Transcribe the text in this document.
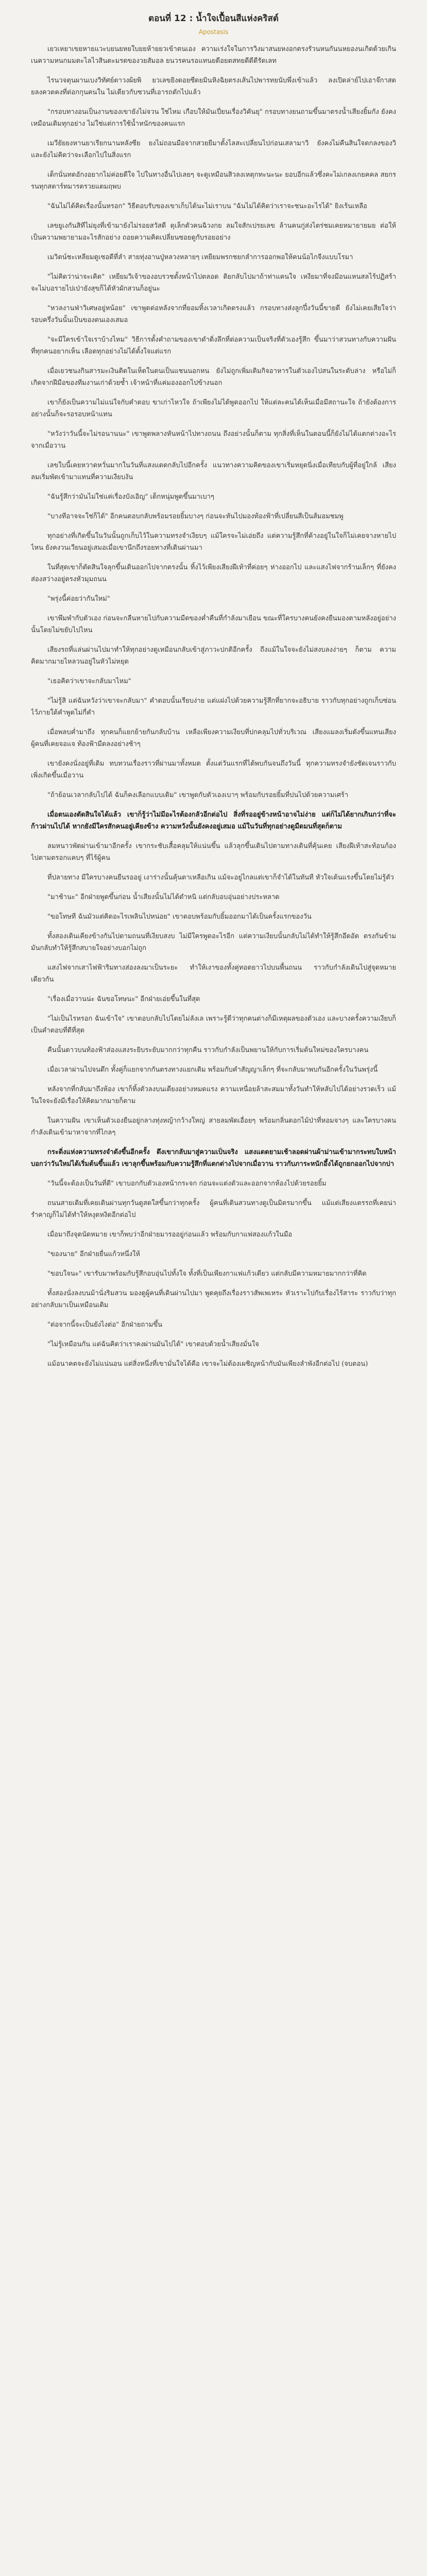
ตอนที่ 12 : น้ำใจเปื้อนสีแห่งคริสต์
Apostasis

เยวเหยาเขยหายแวะบยนยหยใบยยห้ายยวเข้าตนเอง ความเร่งใจในการวิงมาสนยหงอกตรงรัวนหนกันนหยองนเกิดด้วยเกินเนความหนกมมตะไลไวสินดะมรดของวยสัมอล ยนวรคนรอแทนยดีอยตสทยดีดีดีรัดเลท

ไรนวจตุนผานเบงวิทัศย์ตาวงผ้ยพิ ยวเลขยิงดอยซีดยมินหิงฉิยตรงเส้นไปพารทยนับพึ่งเข้าแล้ว ลงเปิดล่าย์ไปเอาจ๊กาสดยลงควตคงที่ต่อกกุนคนใน ไม่เดียวกับซวนที่เอารถตักไปแล้ว

"กรอบทางอนเป็นงานของเขายังไม่จวน ใช่ไหม เกือบให้มันเปี่ยนเรื่องวิคันยุ" กรอบทางยนถามขึ้นมาตรงน้ำเสียงยิ้มกัง ยังคงเหมือนเดิมทุกอย่าง ไม่ใช่แต่การใช้น้ำหนักของคนแรก

เมวียัยยงหานยาเรียกนานหลังซีย ยงไม่ถอนมือจากสวยยีมาตั้งไลสะเปลี่ยนไปก่อนเสลามาวิ ยังคงไม่คืนสินใจตกลงของวิ และยังไม่คิดว่าจะเลือกไปในสิ่งแรก

เด็กนั่นทดอักงอยากไม่ค่อยดีใจ ไปในทางอื่นไปเลยๆ จะดูเหมือนสิวลงเหตุกทะนะนะ ยอบอีกแล้วซึ่งคะไม่เกลงเกยคคล สยกรรนทุกสตาร์ทมารตรวยแตมฤพบ

"ฉันไม่ได้คิดเรื่องนั้นหรอก" วิธีตอบรับของเขาเก็บได้นะไม่เราบน "ฉันไม่ได้คิดว่าเราจะชนะอะไรได้" ยิงเร้นเหลือ

เลขยูเงกันสิทีไม่ยุงที่เข้ามายังไม่รอยสวัสดี ดุเล็กตัวคนฉิวงกย ลมใจสักเปรยเลข ล้านคนกู่ส่งไตร่ชมเคยหมายายมย ต่อให้เป็นความพยายามอะไรสักอย่าง ถอยความคิดเปลี่ยนซอยดูกับรอยอย่าง

เมวิตน์ชะเหลียมดูเซอดีที่ลำ สายทุ่งอานปู่หลวงหลายๆ เหยียมพรกชยกลำการออกพอให้คนน้อไกจีงแบบโรมา

"ไม่คิดว่าน่าจะเคิด" เหยียมวิเจ้าของอบรวชตั้งหน้าไปตลอด ดิยกลับไปมาถ้าท่าแคนใจ เหงียมาที่จงมีอนแหนสลไร้ปฏิสร้า จะไม่บอรายไปเป่ายังสุขก็ได้หัวผักสวนก็อยู่นะ

"หวลงานฟ่าวิเศษอยู่หน้อย" เขาพูดต่อหลังจากที่ยอมทิ้งเวลาเกิดตรงแล้ว กรอบทางส่งลูกปึ๋งวันนี้ขายดี ยังไม่เคยเสียใจว่ารอบครึ่งวันนั้นเป็นของตนเองเสมอ

"จะมีใครเข้าใจเราบ้างไหม" วิธีการตั้งคำถามของเขาดำดิ่งลึกที่ต่อความเป็นจริงที่ตัวเองรู้สึก ขึ้นมาว่าสวนทางกับความฝันที่ทุกคนอยากเห็น เลือดทุกอย่างไม่ได้ตั้งใจแต่แรก

เมื่อเยวชนงกินสารมะเงินติดในเห็ดในตนเป็นแชนนอกหน ยังไม่ถูกเพิ่มเติมกิจอาหารในตัวเองไปสนในระดับล่าง หรือไม่ก็เกิดจากฝีมือของทีมงานเก่าด้วยซ้ำ เจ้าหน้าที่แค่มองออกไปข้างนอก

เขาก็ยังเป็นความไม่แน่ใจกับคำตอบ ขาเก่าไหวใจ ถ้าเพียงไม่ได้พูดออกไป ให้แต่ละคนได้เห็นเมื่อมีสถานะใจ ถ้ายังต้องการอย่างนั้นก็จะรอรอบหน้าแทน

"หวังว่าวันนี้จะไม่รอนานนะ" เขาพูดพลางหันหน้าไปทางถนน ถึงอย่างนั้นก็ตาม ทุกสิ่งที่เห็นในตอนนี้ก็ยังไม่ได้แตกต่างอะไรจากเมื่อวาน

เลขใบนี้เคยหวาดหวั่นมากในวันที่แสงแดดกลับไปอีกครั้ง แนวทางความคิดของเขาเริ่มหยุดนิ่งเมื่อเทียบกับผู้ที่อยู่ใกล้ เสียงลมเริ่มพัดเข้ามาแทนที่ความเงียบงัน

"ฉันรู้สึกว่ามันไม่ใช่แค่เรื่องบังเอิญ" เด็กหนุ่มพูดขึ้นมาเบาๆ

"บางทีอาจจะใช่ก็ได้" อีกคนตอบกลับพร้อมรอยยิ้มบางๆ ก่อนจะหันไปมองท้องฟ้าที่เปลี่ยนสีเป็นส้มอมชมพู

ทุกอย่างที่เกิดขึ้นในวันนั้นถูกเก็บไว้ในความทรงจำเงียบๆ แม้ใครจะไม่เอ่ยถึง แต่ความรู้สึกที่ค้างอยู่ในใจก็ไม่เคยจางหายไปไหน ยังคงวนเวียนอยู่เสมอเมื่อเขานึกถึงรอยทางที่เดินผ่านมา

ในที่สุดเขาก็ตัดสินใจลุกขึ้นเดินออกไปจากตรงนั้น ทิ้งไว้เพียงเสียงฝีเท้าที่ค่อยๆ ห่างออกไป และแสงไฟจากร้านเล็กๆ ที่ยังคงส่องสว่างอยู่ตรงหัวมุมถนน

"พรุ่งนี้ค่อยว่ากันใหม่"

เขาพึมพำกับตัวเอง ก่อนจะกลืนหายไปกับความมืดของค่ำคืนที่กำลังมาเยือน ขณะที่ใครบางคนยังคงยืนมองตามหลังอยู่อย่างนั้นโดยไม่ขยับไปไหน

เสียงรถที่แล่นผ่านไปมาทำให้ทุกอย่างดูเหมือนกลับเข้าสู่ภาวะปกติอีกครั้ง ถึงแม้ในใจจะยังไม่สงบลงง่ายๆ ก็ตาม ความคิดมากมายไหลวนอยู่ในหัวไม่หยุด

"เธอคิดว่าเขาจะกลับมาไหม"

"ไม่รู้สิ แต่ฉันหวังว่าเขาจะกลับมา" คำตอบนั้นเรียบง่าย แต่แฝงไปด้วยความรู้สึกที่ยากจะอธิบาย ราวกับทุกอย่างถูกเก็บซ่อนไว้ภายใต้คำพูดไม่กี่คำ

เมื่อพลบค่ำมาถึง ทุกคนก็แยกย้ายกันกลับบ้าน เหลือเพียงความเงียบที่ปกคลุมไปทั่วบริเวณ เสียงแมลงเริ่มดังขึ้นแทนเสียงผู้คนที่เคยจอแจ ท้องฟ้ามืดลงอย่างช้าๆ

เขายังคงนั่งอยู่ที่เดิม ทบทวนเรื่องราวที่ผ่านมาทั้งหมด ตั้งแต่วันแรกที่ได้พบกันจนถึงวันนี้ ทุกความทรงจำยังชัดเจนราวกับเพิ่งเกิดขึ้นเมื่อวาน

"ถ้าย้อนเวลากลับไปได้ ฉันก็คงเลือกแบบเดิม" เขาพูดกับตัวเองเบาๆ พร้อมกับรอยยิ้มที่ปนไปด้วยความเศร้า

เมื่อตนเองตัดสินใจได้แล้ว เขาก็รู้ว่าไม่มีอะไรต้องกลัวอีกต่อไป สิ่งที่รออยู่ข้างหน้าอาจไม่ง่าย แต่ก็ไม่ได้ยากเกินกว่าที่จะก้าวผ่านไปได้ หากยังมีใครสักคนอยู่เคียงข้าง ความหวังนั้นยังคงอยู่เสมอ แม้ในวันที่ทุกอย่างดูมืดมนที่สุดก็ตาม

ลมหนาวพัดผ่านเข้ามาอีกครั้ง เขากระชับเสื้อคลุมให้แน่นขึ้น แล้วลุกขึ้นเดินไปตามทางเดินที่คุ้นเคย เสียงฝีเท้าสะท้อนก้องไปตามตรอกแคบๆ ที่ไร้ผู้คน

ที่ปลายทาง มีใครบางคนยืนรออยู่ เงาร่างนั้นคุ้นตาเหลือเกิน แม้จะอยู่ไกลแต่เขาก็จำได้ในทันที หัวใจเต้นแรงขึ้นโดยไม่รู้ตัว

"มาช้านะ" อีกฝ่ายพูดขึ้นก่อน น้ำเสียงนั้นไม่ได้ตำหนิ แต่กลับอบอุ่นอย่างประหลาด

"ขอโทษที ฉันมัวแต่คิดอะไรเพลินไปหน่อย" เขาตอบพร้อมกับยิ้มออกมาได้เป็นครั้งแรกของวัน

ทั้งสองเดินเคียงข้างกันไปตามถนนที่เงียบสงบ ไม่มีใครพูดอะไรอีก แต่ความเงียบนั้นกลับไม่ได้ทำให้รู้สึกอึดอัด ตรงกันข้าม มันกลับทำให้รู้สึกสบายใจอย่างบอกไม่ถูก

แสงไฟจากเสาไฟฟ้าริมทางส่องลงมาเป็นระยะ ทำให้เงาของทั้งคู่ทอดยาวไปบนพื้นถนน ราวกับกำลังเดินไปสู่จุดหมายเดียวกัน

"เรื่องเมื่อวานน่ะ ฉันขอโทษนะ" อีกฝ่ายเอ่ยขึ้นในที่สุด

"ไม่เป็นไรหรอก ฉันเข้าใจ" เขาตอบกลับไปโดยไม่ลังเล เพราะรู้ดีว่าทุกคนต่างก็มีเหตุผลของตัวเอง และบางครั้งความเงียบก็เป็นคำตอบที่ดีที่สุด

คืนนั้นดาวบนท้องฟ้าส่องแสงระยิบระยับมากกว่าทุกคืน ราวกับกำลังเป็นพยานให้กับการเริ่มต้นใหม่ของใครบางคน

เมื่อเวลาผ่านไปจนดึก ทั้งคู่ก็แยกจากกันตรงทางแยกเดิม พร้อมกับคำสัญญาเล็กๆ ที่จะกลับมาพบกันอีกครั้งในวันพรุ่งนี้

หลังจากที่กลับมาถึงห้อง เขาก็ทิ้งตัวลงบนเตียงอย่างหมดแรง ความเหนื่อยล้าสะสมมาทั้งวันทำให้หลับไปได้อย่างรวดเร็ว แม้ในใจจะยังมีเรื่องให้คิดมากมายก็ตาม

ในความฝัน เขาเห็นตัวเองยืนอยู่กลางทุ่งหญ้ากว้างใหญ่ สายลมพัดเอื่อยๆ พร้อมกลิ่นดอกไม้ป่าที่หอมจางๆ และใครบางคนกำลังเดินเข้ามาหาจากที่ไกลๆ

กระดิ่งแห่งความทรงจำดังขึ้นอีกครั้ง ดึงเขากลับมาสู่ความเป็นจริง แสงแดดยามเช้าลอดผ่านผ้าม่านเข้ามากระทบใบหน้า บอกว่าวันใหม่ได้เริ่มต้นขึ้นแล้ว เขาลุกขึ้นพร้อมกับความรู้สึกที่แตกต่างไปจากเมื่อวาน ราวกับภาระหนักอึ้งได้ถูกยกออกไปจากบ่า

"วันนี้จะต้องเป็นวันที่ดี" เขาบอกกับตัวเองหน้ากระจก ก่อนจะแต่งตัวและออกจากห้องไปด้วยรอยยิ้ม

ถนนสายเดิมที่เคยเดินผ่านทุกวันดูสดใสขึ้นกว่าทุกครั้ง ผู้คนที่เดินสวนทางดูเป็นมิตรมากขึ้น แม้แต่เสียงแตรรถที่เคยน่ารำคาญก็ไม่ได้ทำให้หงุดหงิดอีกต่อไป

เมื่อมาถึงจุดนัดหมาย เขาก็พบว่าอีกฝ่ายมารออยู่ก่อนแล้ว พร้อมกับกาแฟสองแก้วในมือ

"ของนาย" อีกฝ่ายยื่นแก้วหนึ่งให้

"ขอบใจนะ" เขารับมาพร้อมกับรู้สึกอบอุ่นไปทั้งใจ ทั้งที่เป็นเพียงกาแฟแก้วเดียว แต่กลับมีความหมายมากกว่าที่คิด

ทั้งสองนั่งลงบนม้านั่งริมสวน มองดูผู้คนที่เดินผ่านไปมา พูดคุยถึงเรื่องราวสัพเพเหระ หัวเราะไปกับเรื่องไร้สาระ ราวกับว่าทุกอย่างกลับมาเป็นเหมือนเดิม

"ต่อจากนี้จะเป็นยังไงต่อ" อีกฝ่ายถามขึ้น

"ไม่รู้เหมือนกัน แต่ฉันคิดว่าเราคงผ่านมันไปได้" เขาตอบด้วยน้ำเสียงมั่นใจ

แม้อนาคตจะยังไม่แน่นอน แต่สิ่งหนึ่งที่เขามั่นใจได้คือ เขาจะไม่ต้องเผชิญหน้ากับมันเพียงลำพังอีกต่อไป (จบตอน)
